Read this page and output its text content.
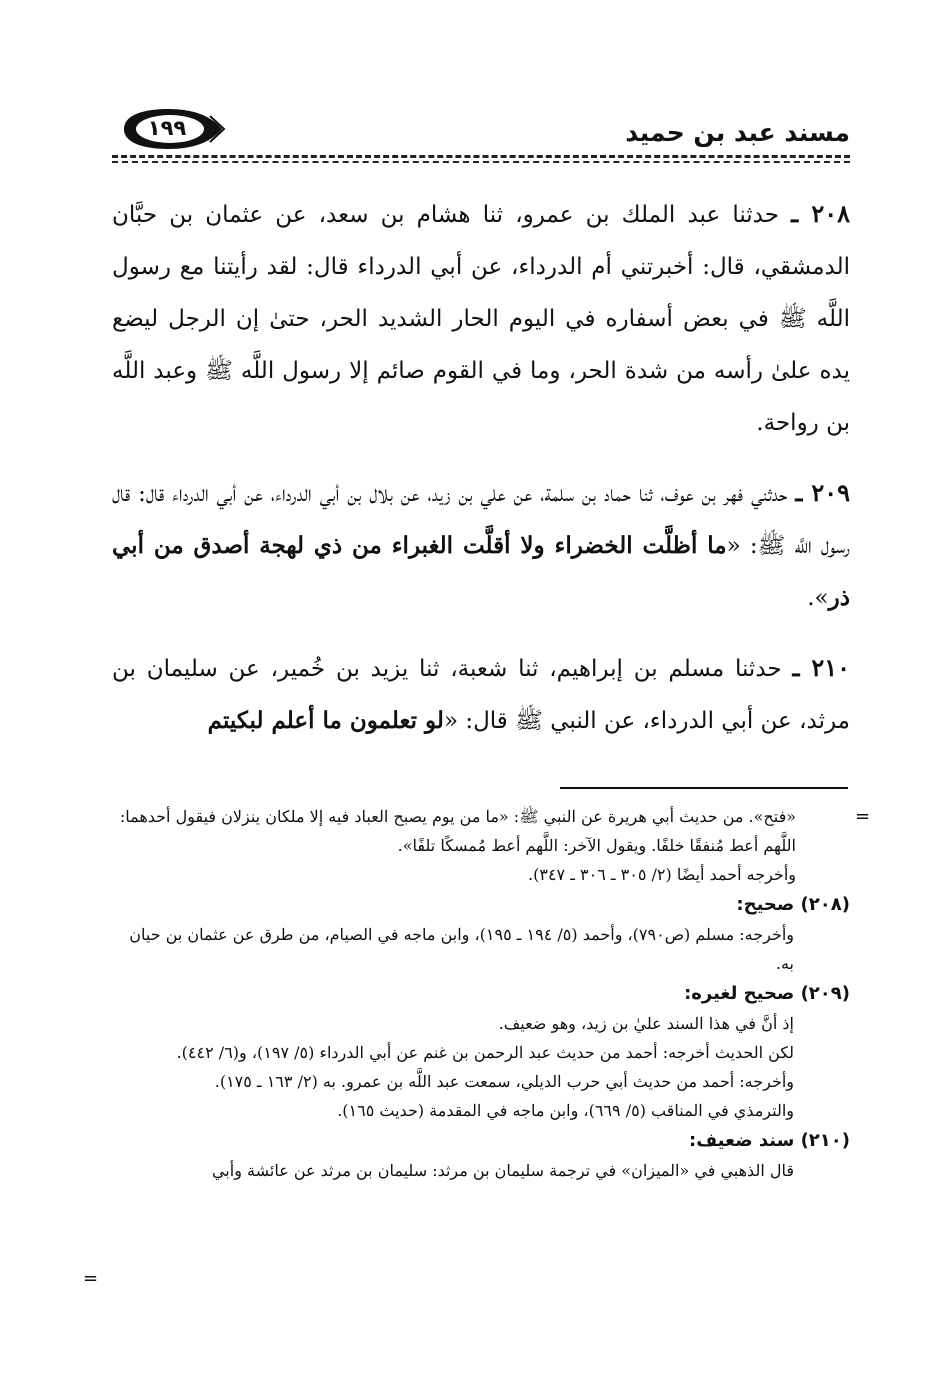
مسند عبد بن حميد
١٩٩

٢٠٨ ـ حدثنا عبد الملك بن عمرو، ثنا هشام بن سعد، عن عثمان بن حبَّان الدمشقي، قال: أخبرتني أم الدرداء، عن أبي الدرداء قال: لقد رأيتنا مع رسول اللَّه ﷺ في بعض أسفاره في اليوم الحار الشديد الحر، حتىٰ إن الرجل ليضع يده علىٰ رأسه من شدة الحر، وما في القوم صائم إلا رسول اللَّه ﷺ وعبد اللَّه بن رواحة.

٢٠٩ ـ حدثني فهر بن عوف، ثنا حماد بن سلمة، عن علي بن زيد، عن بلال بن أبي الدرداء، عن أبي الدرداء قال: قال رسول اللَّه ﷺ: «ما أظلَّت الخضراء ولا أقلَّت الغبراء من ذي لهجة أصدق من أبي ذر».

٢١٠ ـ حدثنا مسلم بن إبراهيم، ثنا شعبة، ثنا يزيد بن خُمير، عن سليمان بن مرثد، عن أبي الدرداء، عن النبي ﷺ قال: «لو تعلمون ما أعلم لبكيتم

=

«فتح». من حديث أبي هريرة عن النبي ﷺ: «ما من يوم يصبح العباد فيه إلا ملكان ينزلان فيقول أحدهما: اللَّهم أعط مُنفقًا خلفًا. ويقول الآخر: اللَّهم أعط مُمسكًا تلفًا».

وأخرجه أحمد أيضًا (٢/ ٣٠٥ ـ ٣٠٦ ـ ٣٤٧).

(٢٠٨) صحيح:

وأخرجه: مسلم (ص٧٩٠)، وأحمد (٥/ ١٩٤ ـ ١٩٥)، وابن ماجه في الصيام، من طرق عن عثمان بن حيان به.

(٢٠٩) صحيح لغيره:

إذ أنَّ في هذا السند عليٰ بن زيد، وهو ضعيف.

لكن الحديث أخرجه: أحمد من حديث عبد الرحمن بن غنم عن أبي الدرداء (٥/ ١٩٧)، و(٦/ ٤٤٢).

وأخرجه: أحمد من حديث أبي حرب الديلي، سمعت عبد اللَّه بن عمرو. به (٢/ ١٦٣ ـ ١٧٥).

والترمذي في المناقب (٥/ ٦٦٩)، وابن ماجه في المقدمة (حديث ١٦٥).

(٢١٠) سند ضعيف:

قال الذهبي في «الميزان» في ترجمة سليمان بن مرثد: سليمان بن مرثد عن عائشة وأبي

=
